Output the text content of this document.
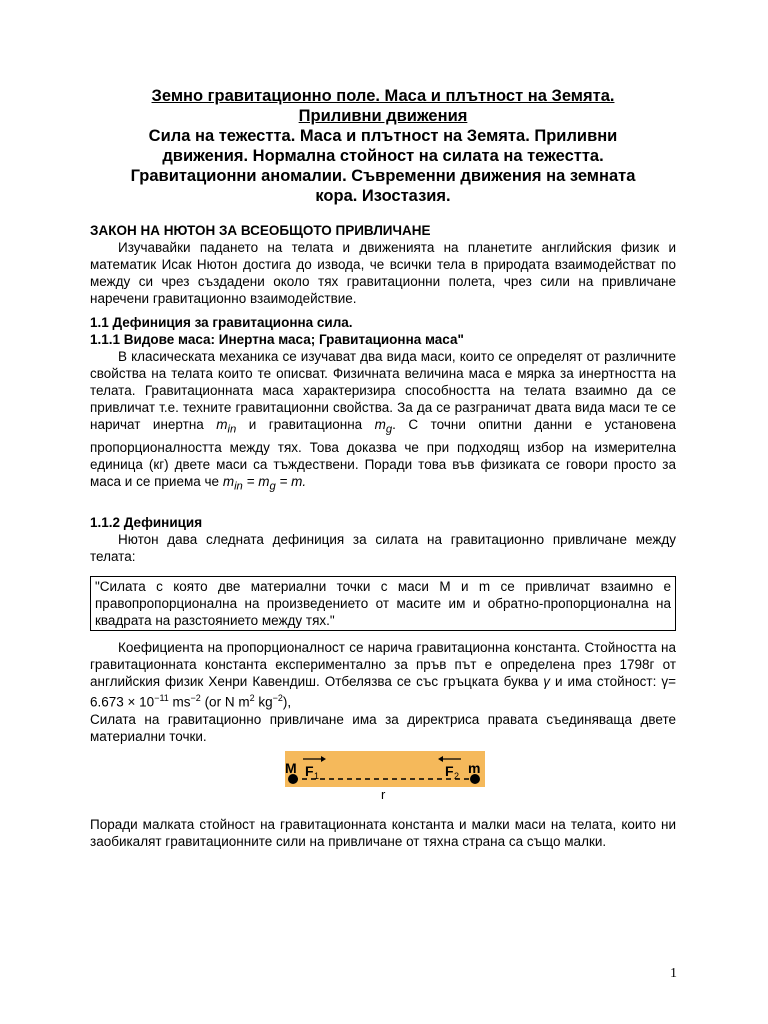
Земно гравитационно поле. Маса и плътност на Земята.
Приливни движения
Сила на тежестта. Маса и плътност на Земята. Приливни
движения. Нормална стойност на силата на тежестта.
Гравитационни аномалии. Съвременни движения на земната
кора. Изостазия.
ЗАКОН НА НЮТОН ЗА ВСЕОБЩОТО ПРИВЛИЧАНЕ
Изучавайки падането на телата и движенията на планетите английския физик и математик Исак Нютон достига до извода, че всички тела в природата взаимодействат по между си чрез създадени около тях гравитационни полета, чрез сили на привличане наречени гравитационно взаимодействие.
1.1 Дефиниция за гравитационна сила.
1.1.1 Видове маса: Инертна маса; Гравитационна маса"
В класическата механика се изучават два вида маси, които се определят от различните свойства на телата които те описват. Физичната величина маса е мярка за инертността на телата. Гравитационната маса характеризира способността на телата взаимно да се привличат т.е. техните гравитационни свойства. За да се разграничат двата вида маси те се наричат инертна $m_{in}$ и гравитационна $m_g$. С точни опитни данни е установена пропорционалността между тях. Това доказва че при подходящ избор на измерителна единица (кг) двете маси са тъждествени. Поради това във физиката се говори просто за маса и се приема че $m_{in} = m_g = m$.
1.1.2 Дефиниция
Нютон дава следната дефиниция за силата на гравитационно привличане между телата:
"Силата с която две материални точки с маси M и m се привличат взаимно е правопропорционална на произведението от масите им и обратно-пропорционална на квадрата на разстоянието между тях."
Коефициента на пропорционалност се нарича гравитационна константа. Стойността на гравитационната константа експериментално за пръв път е определена през 1798г от английския физик Хенри Кавендиш. Отбелязва се със гръцката буква γ и има стойност: $\gamma= 6.673 \times 10^{-11}$ $ms^{-2}$ (or N $m^2$ $kg^{-2}$),
Силата на гравитационно привличане има за директриса правата съединяваща двете материални точки.
Поради малката стойност на гравитационната константа и малки маси на телата, които ни заобикалят гравитационните сили на привличане от тяхна страна са също малки.
M F 1	F 2 m
r
1
